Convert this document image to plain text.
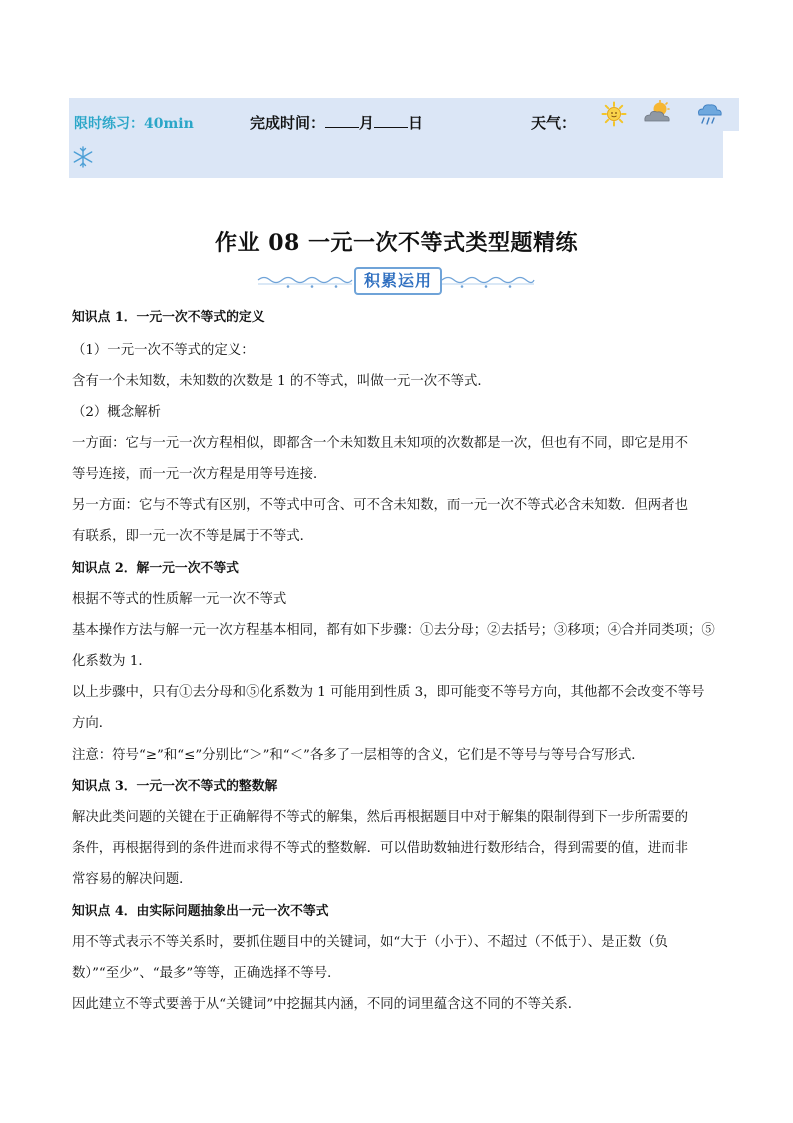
限时练习：40min	完成时间： 月 日	天气：
作业 08 一元一次不等式类型题精练
积累运用
知识点 1．一元一次不等式的定义
（1）一元一次不等式的定义：
含有一个未知数，未知数的次数是 1 的不等式，叫做一元一次不等式．
（2）概念解析
一方面：它与一元一次方程相似，即都含一个未知数且未知项的次数都是一次，但也有不同，即它是用不
等号连接，而一元一次方程是用等号连接．
另一方面：它与不等式有区别，不等式中可含、可不含未知数，而一元一次不等式必含未知数．但两者也
有联系，即一元一次不等是属于不等式．
知识点 2．解一元一次不等式
根据不等式的性质解一元一次不等式
基本操作方法与解一元一次方程基本相同，都有如下步骤：①去分母；②去括号；③移项；④合并同类项；⑤
化系数为 1．
以上步骤中，只有①去分母和⑤化系数为 1 可能用到性质 3，即可能变不等号方向，其他都不会改变不等号
方向．
注意：符号“≥”和“≤”分别比“＞”和“＜”各多了一层相等的含义，它们是不等号与等号合写形式．
知识点 3．一元一次不等式的整数解
解决此类问题的关键在于正确解得不等式的解集，然后再根据题目中对于解集的限制得到下一步所需要的
条件，再根据得到的条件进而求得不等式的整数解．可以借助数轴进行数形结合，得到需要的值，进而非
常容易的解决问题．
知识点 4．由实际问题抽象出一元一次不等式
用不等式表示不等关系时，要抓住题目中的关键词，如“大于（小于）、不超过（不低于）、是正数（负
数）”“至少”、“最多”等等，正确选择不等号．
因此建立不等式要善于从“关键词”中挖掘其内涵，不同的词里蕴含这不同的不等关系．
